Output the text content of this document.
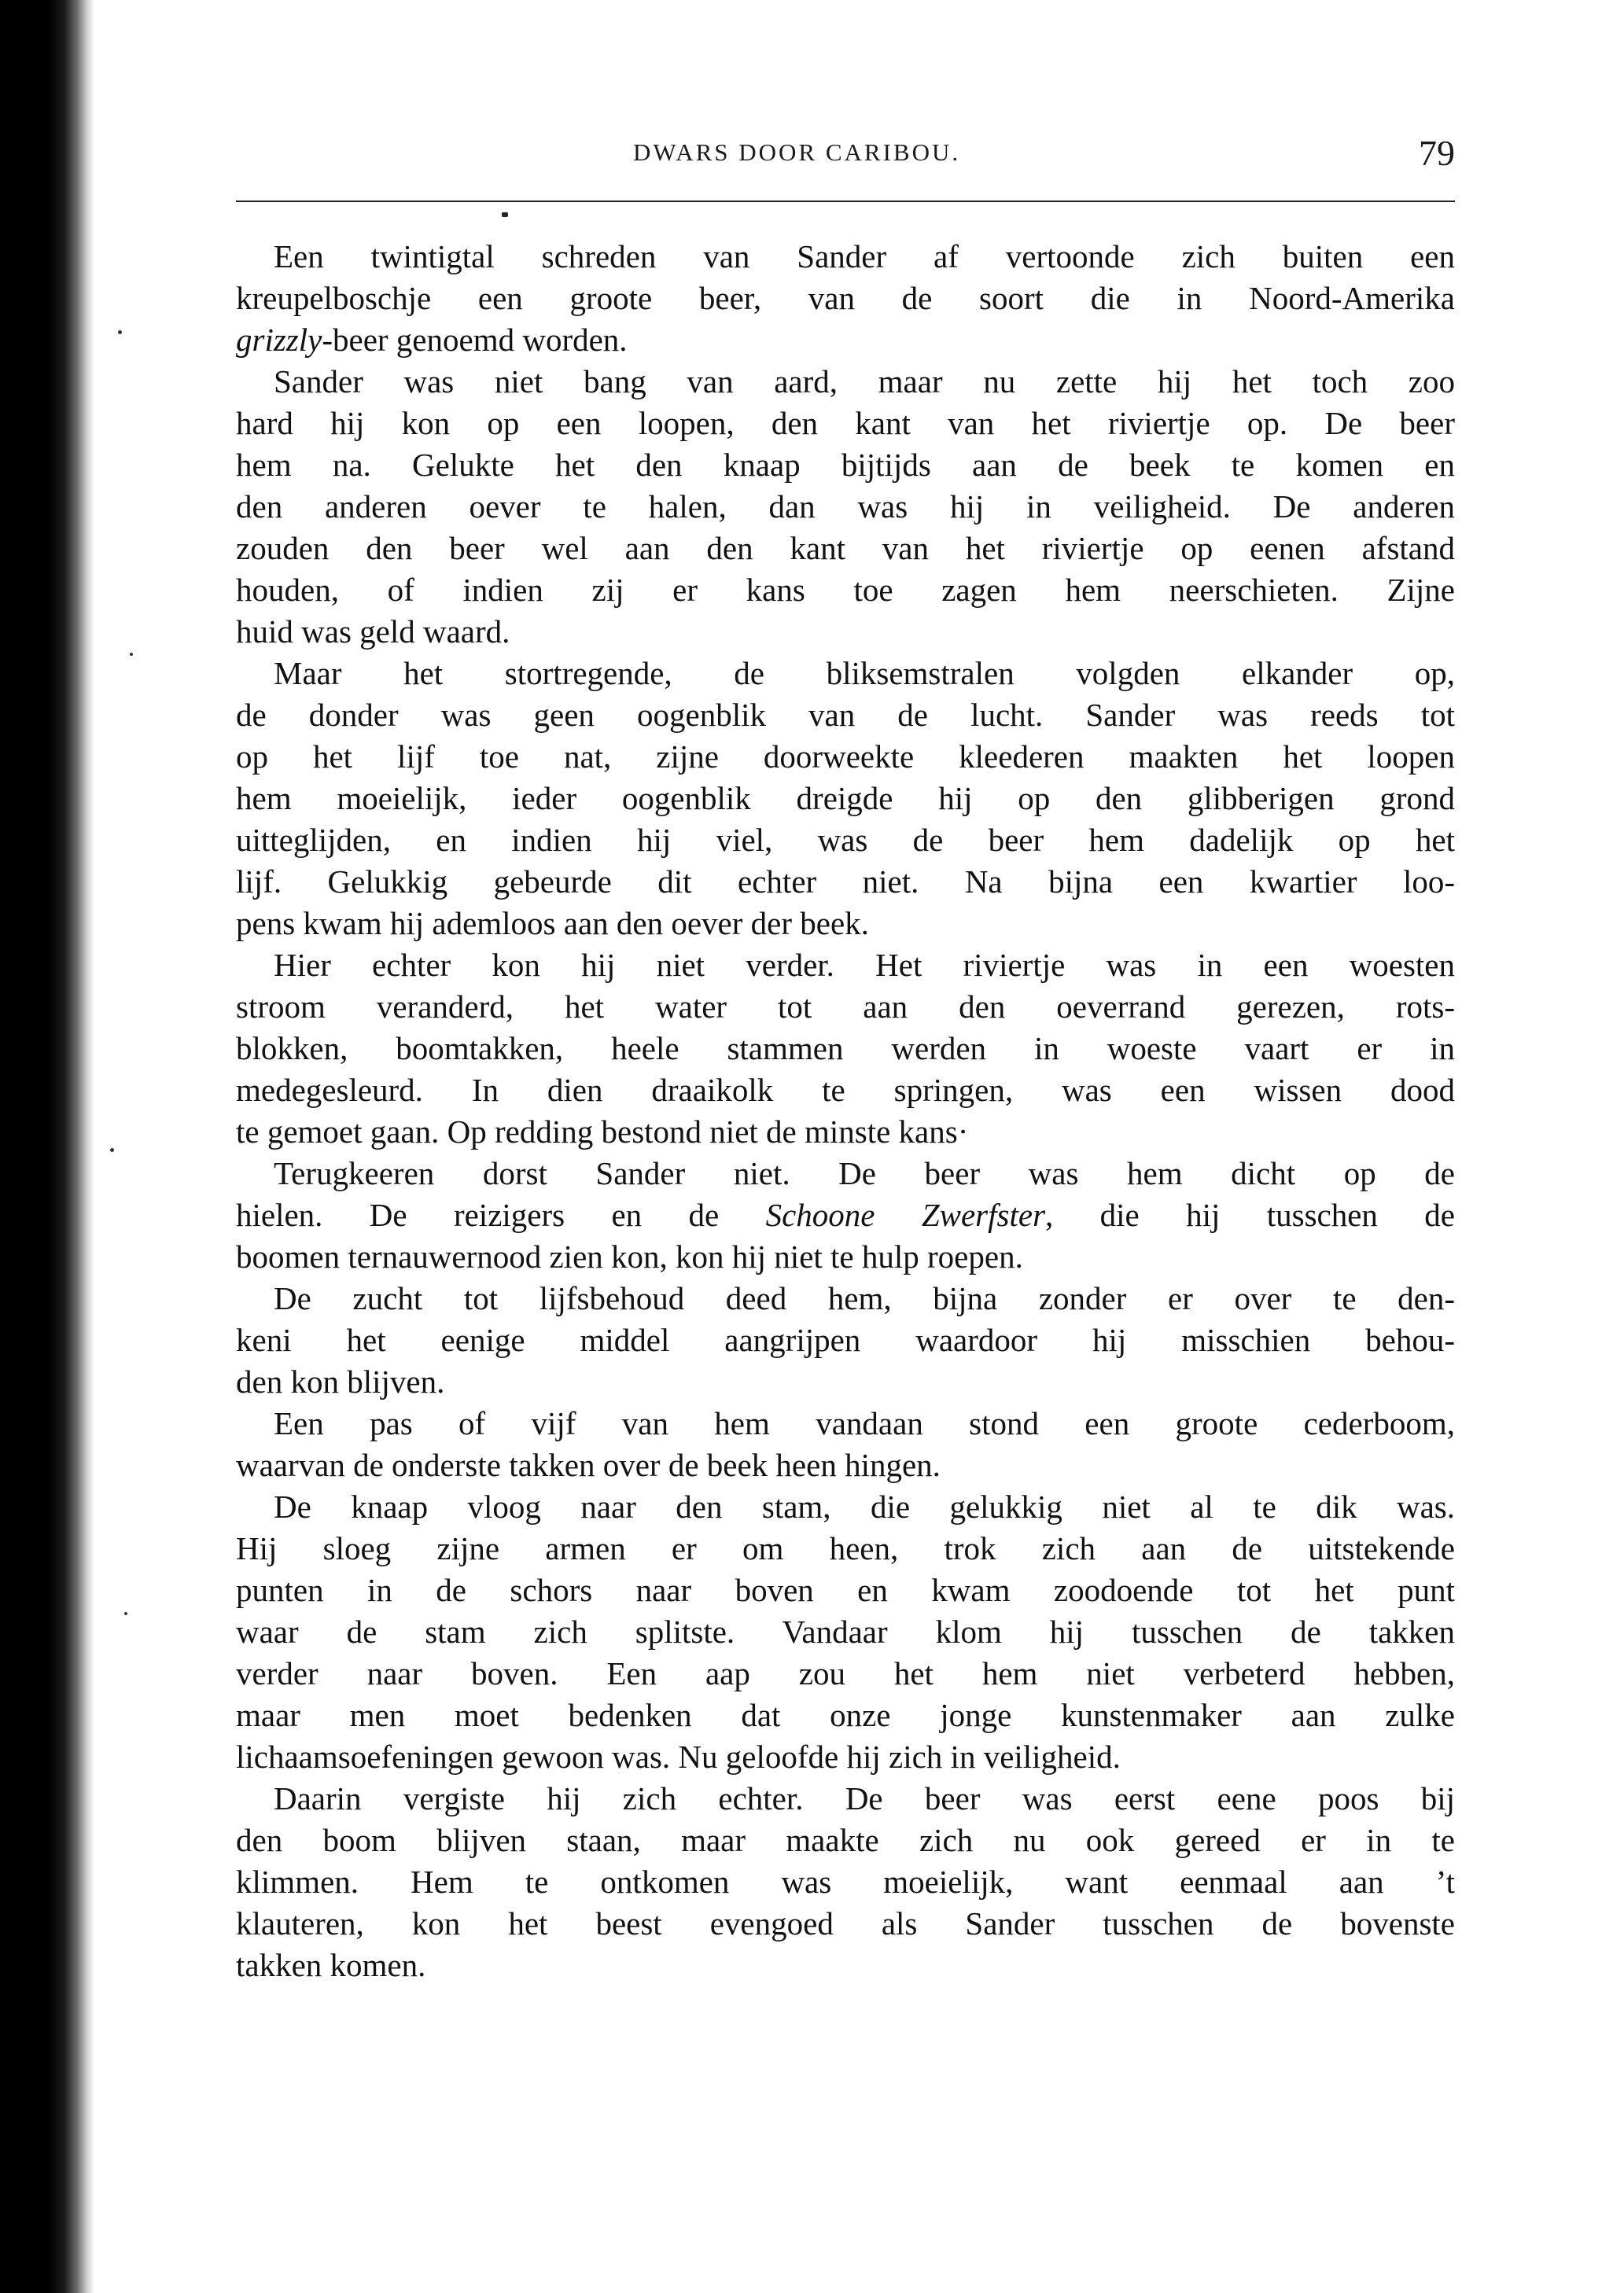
DWARS DOOR CARIBOU.	79
Een twintigtal schreden van Sander af vertoonde zich buiten een
kreupelboschje een groote beer, van de soort die in Noord-Amerika
grizzly-beer genoemd worden.
Sander was niet bang van aard, maar nu zette hij het toch zoo
hard hij kon op een loopen, den kant van het riviertje op. De beer
hem na. Gelukte het den knaap bijtijds aan de beek te komen en
den anderen oever te halen, dan was hij in veiligheid. De anderen
zouden den beer wel aan den kant van het riviertje op eenen afstand
houden, of indien zij er kans toe zagen hem neerschieten. Zijne
huid was geld waard.
Maar het stortregende, de bliksemstralen volgden elkander op,
de donder was geen oogenblik van de lucht. Sander was reeds tot
op het lijf toe nat, zijne doorweekte kleederen maakten het loopen
hem moeielijk, ieder oogenblik dreigde hij op den glibberigen grond
uitteglijden, en indien hij viel, was de beer hem dadelijk op het
lijf. Gelukkig gebeurde dit echter niet. Na bijna een kwartier loo-
pens kwam hij ademloos aan den oever der beek.
Hier echter kon hij niet verder. Het riviertje was in een woesten
stroom veranderd, het water tot aan den oeverrand gerezen, rots-
blokken, boomtakken, heele stammen werden in woeste vaart er in
medegesleurd. In dien draaikolk te springen, was een wissen dood
te gemoet gaan. Op redding bestond niet de minste kans·
Terugkeeren dorst Sander niet. De beer was hem dicht op de
hielen. De reizigers en de Schoone Zwerfster, die hij tusschen de
boomen ternauwernood zien kon, kon hij niet te hulp roepen.
De zucht tot lijfsbehoud deed hem, bijna zonder er over te den-
keni het eenige middel aangrijpen waardoor hij misschien behou-
den kon blijven.
Een pas of vijf van hem vandaan stond een groote cederboom,
waarvan de onderste takken over de beek heen hingen.
De knaap vloog naar den stam, die gelukkig niet al te dik was.
Hij sloeg zijne armen er om heen, trok zich aan de uitstekende
punten in de schors naar boven en kwam zoodoende tot het punt
waar de stam zich splitste. Vandaar klom hij tusschen de takken
verder naar boven. Een aap zou het hem niet verbeterd hebben,
maar men moet bedenken dat onze jonge kunstenmaker aan zulke
lichaamsoefeningen gewoon was. Nu geloofde hij zich in veiligheid.
Daarin vergiste hij zich echter. De beer was eerst eene poos bij
den boom blijven staan, maar maakte zich nu ook gereed er in te
klimmen. Hem te ontkomen was moeielijk, want eenmaal aan ’t
klauteren, kon het beest evengoed als Sander tusschen de bovenste
takken komen.
